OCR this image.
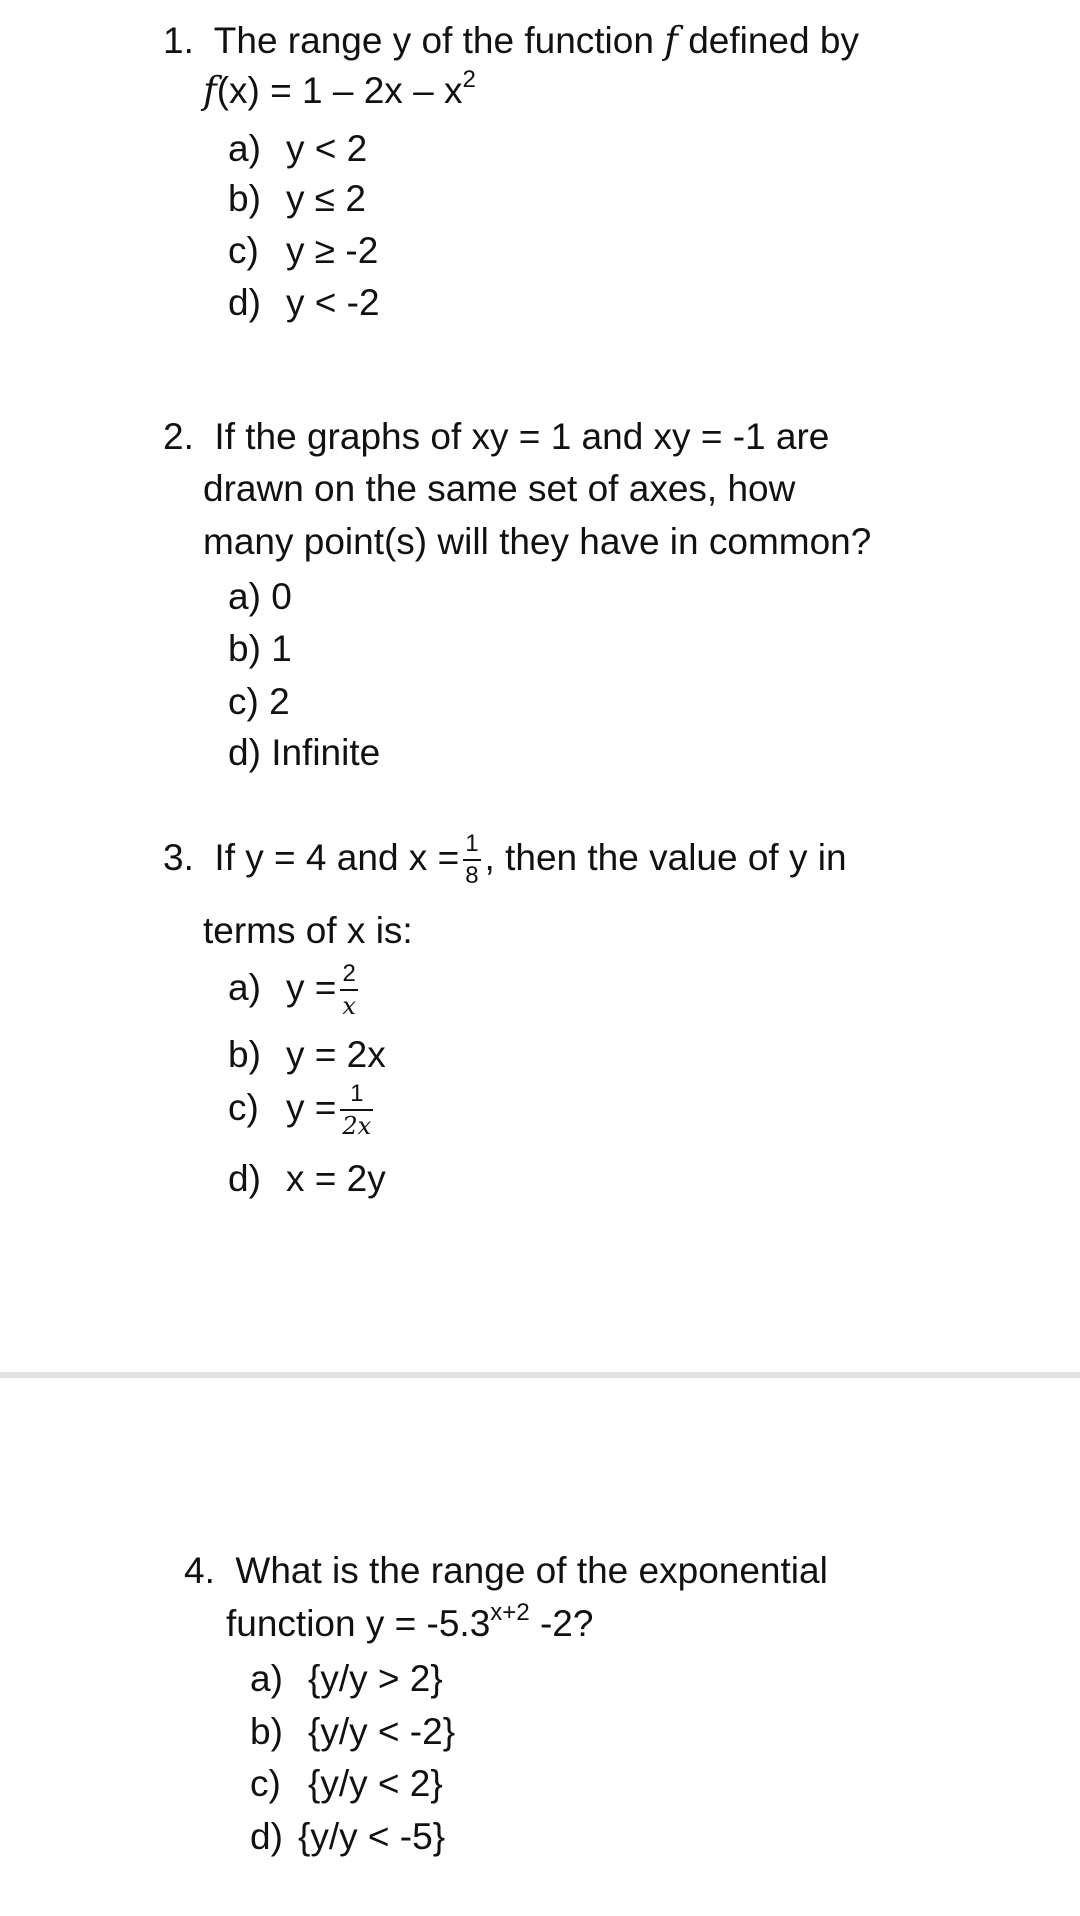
1. The range y of the function f defined by
$f(x) = 1 - 2x - x^2$
a) y < 2
b) y ≤ 2
c) y ≥ -2
d) y < -2
2. If the graphs of xy = 1 and xy = -1 are
drawn on the same set of axes, how
many point(s) will they have in common?
a) 0
b) 1
c) 2
d) Infinite
3. If y = 4 and $x = \frac{1}{8}$ , then the value of y in
terms of x is:
a) $y = \frac{2}{x}$
b) y = 2x
c) $y = \frac{1}{2x}$
d) x = 2y
4. What is the range of the exponential
function $y = -5.3^{x+2}$ -2?
a) {y/y > 2}
b) {y/y < -2}
c) {y/y < 2}
d) {y/y < -5}
